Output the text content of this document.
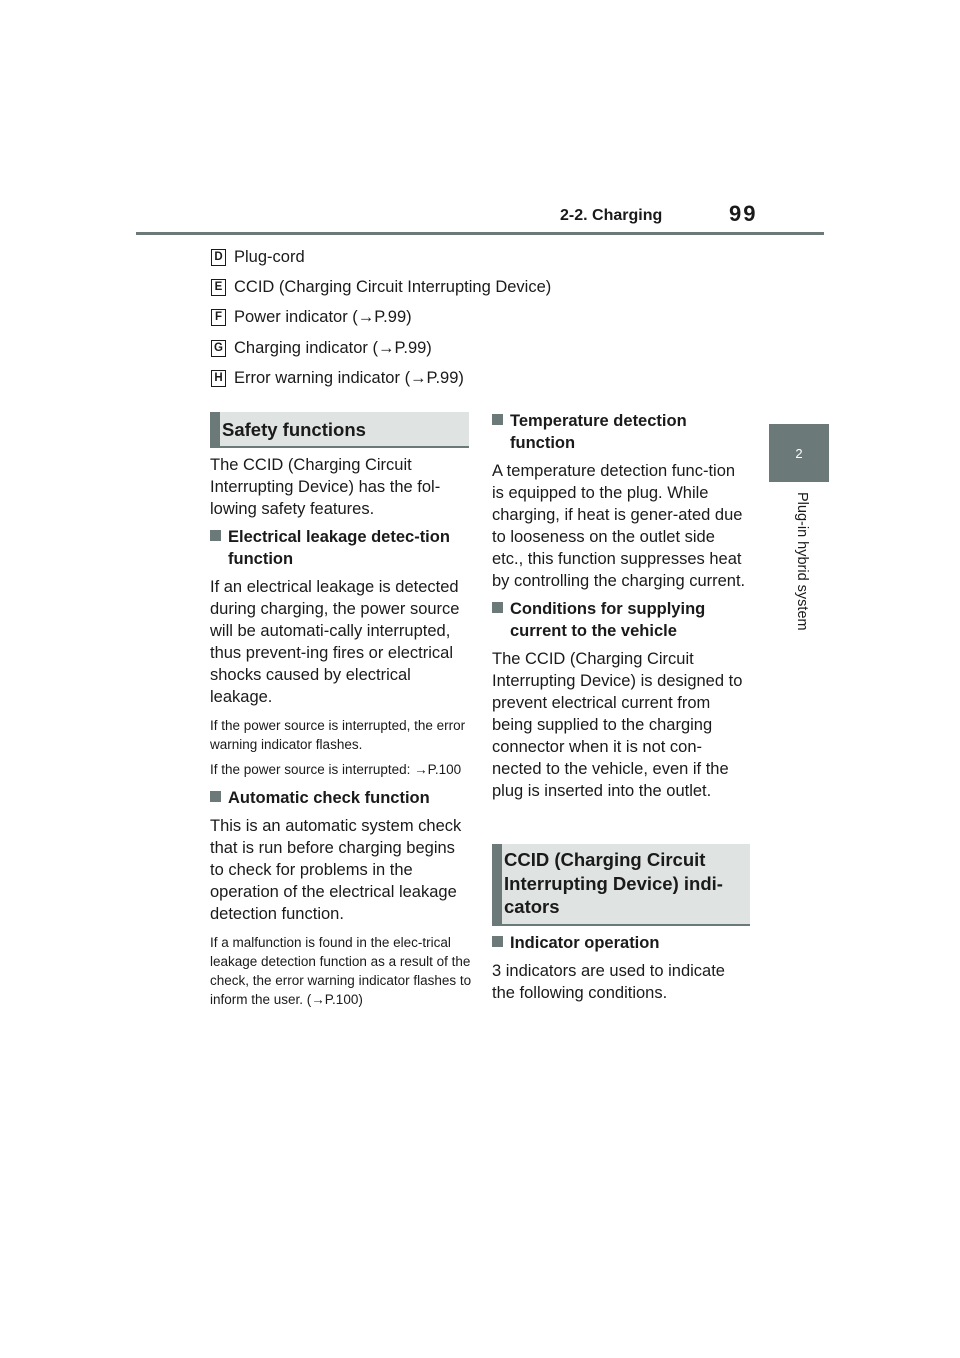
2-2. Charging	99
2
Plug-in hybrid system
D Plug-cord
E CCID (Charging Circuit Interrupting Device)
F Power indicator (→P.99)
G Charging indicator (→P.99)
H Error warning indicator (→P.99)
Safety functions

The CCID (Charging Circuit Interrupting Device) has the fol-lowing safety features.

Electrical leakage detec-tion function

If an electrical leakage is detected during charging, the power source will be automati-cally interrupted, thus prevent-ing fires or electrical shocks caused by electrical leakage.

If the power source is interrupted, the error warning indicator flashes.

If the power source is interrupted: →P.100

Automatic check function

This is an automatic system check that is run before charging begins to check for problems in the operation of the electrical leakage detection function.

If a malfunction is found in the elec-trical leakage detection function as a result of the check, the error warning indicator flashes to inform the user. (→P.100)

Temperature detection function

A temperature detection func-tion is equipped to the plug. While charging, if heat is gener-ated due to looseness on the outlet side etc., this function suppresses heat by controlling the charging current.

Conditions for supplying current to the vehicle

The CCID (Charging Circuit Interrupting Device) is designed to prevent electrical current from being supplied to the charging connector when it is not con-nected to the vehicle, even if the plug is inserted into the outlet.

CCID (Charging Circuit
Interrupting Device) indi-
cators

Indicator operation

3 indicators are used to indicate the following conditions.
